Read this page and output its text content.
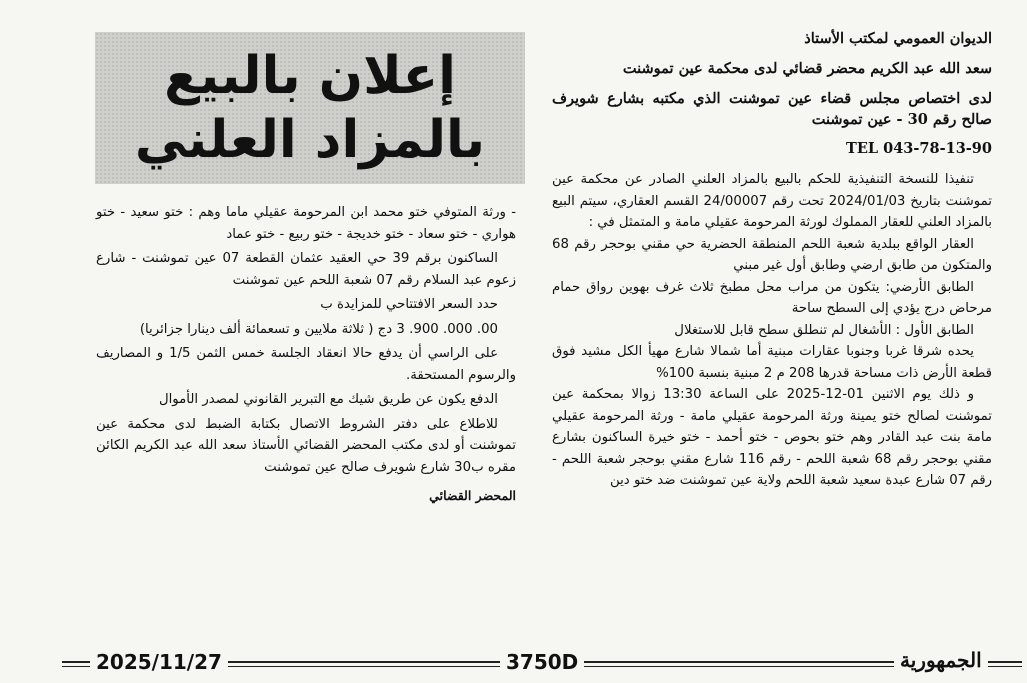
الديوان العمومي لمكتب الأستاذ

سعد الله عبد الكريم محضر قضائي لدى محكمة عين تموشنت

لدى اختصاص مجلس قضاء عين تموشنت الذي مكتبه بشارع شويرف صالح رقم 30 - عين تموشنت

TEL 043-78-13-90

تنفيذا للنسخة التنفيذية للحكم بالبيع بالمزاد العلني الصادر عن محكمة عين تموشنت بتاريخ 2024/01/03 تحت رقم 24/00007 القسم العقاري، سيتم البيع بالمزاد العلني للعقار المملوك لورثة المرحومة عقيلي مامة و المتمثل في :

العقار الواقع ببلدية شعبة اللحم المنطقة الحضرية حي مقني بوحجر رقم 68 والمتكون من طابق ارضي وطابق أول غير مبني

الطابق الأرضي: يتكون من مراب محل مطبخ ثلاث غرف بهوين رواق حمام مرحاض درج يؤدي إلى السطح ساحة

الطابق الأول : الأشغال لم تنطلق سطح قابل للاستغلال

يحده شرقا غربا وجنوبا عقارات مبنية أما شمالا شارع مهيأ الكل مشيد فوق قطعة الأرض ذات مساحة قدرها 208 م 2 مبنية بنسبة 100%

و ذلك يوم الاثنين 01-12-2025 على الساعة 13:30 زوالا بمحكمة عين تموشنت لصالح ختو يمينة ورثة المرحومة عقيلي مامة - ورثة المرحومة عقيلي مامة بنت عبد القادر وهم ختو بحوص - ختو أحمد - ختو خيرة الساكنون بشارع مقني بوحجر رقم 68 شعبة اللحم - رقم 116 شارع مقني بوحجر شعبة اللحم - رقم 07 شارع عبدة سعيد شعبة اللحم ولاية عين تموشنت ضد ختو دين

إعلان بالبيع

بالمزاد العلني

- ورثة المتوفي ختو محمد ابن المرحومة عقيلي ماما وهم : ختو سعيد - ختو هواري - ختو سعاد - ختو خديجة - ختو ربيع - ختو عماد

الساكنون برقم 39 حي العقيد عثمان القطعة 07 عين تموشنت - شارع زعوم عبد السلام رقم 07 شعبة اللحم عين تموشنت

حدد السعر الافتتاحي للمزايدة ب

00. 000. 900. 3 دج ( ثلاثة ملايين و تسعمائة ألف دينارا جزائريا)

على الراسي أن يدفع حالا انعقاد الجلسة خمس الثمن 1/5 و المصاريف والرسوم المستحقة.

الدفع يكون عن طريق شيك مع التبرير القانوني لمصدر الأموال

للاطلاع على دفتر الشروط الاتصال بكتابة الضبط لدى محكمة عين تموشنت أو لدى مكتب المحضر القضائي الأستاذ سعد الله عبد الكريم الكائن مقره ب30 شارع شويرف صالح عين تموشنت

المحضر القضائي
2025/11/27	3750D	الجمهورية
